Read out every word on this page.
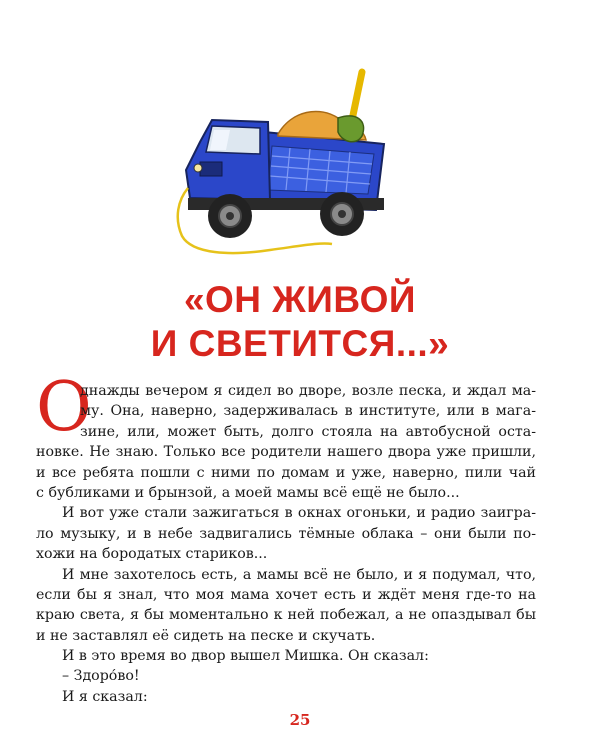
«ОН ЖИВОЙ
И СВЕТИТСЯ...»
О
днажды вечером я сидел во дворе, возле песка, и ждал ма-
му. Она, наверно, задерживалась в институте, или в мага-
зине, или, может быть, долго стояла на автобусной оста-
новке. Не знаю. Только все родители нашего двора уже пришли,
и все ребята пошли с ними по домам и уже, наверно, пили чай
с бубликами и брынзой, а моей мамы всё ещё не было...
И вот уже стали зажигаться в окнах огоньки, и радио заигра-
ло музыку, и в небе задвигались тёмные облака – они были по-
хожи на бородатых стариков...
И мне захотелось есть, а мамы всё не было, и я подумал, что,
если бы я знал, что моя мама хочет есть и ждёт меня где-то на
краю света, я бы моментально к ней побежал, а не опаздывал бы
и не заставлял её сидеть на песке и скучать.
И в это время во двор вышел Мишка. Он сказал:
– Здоро́во!
И я сказал:
25
